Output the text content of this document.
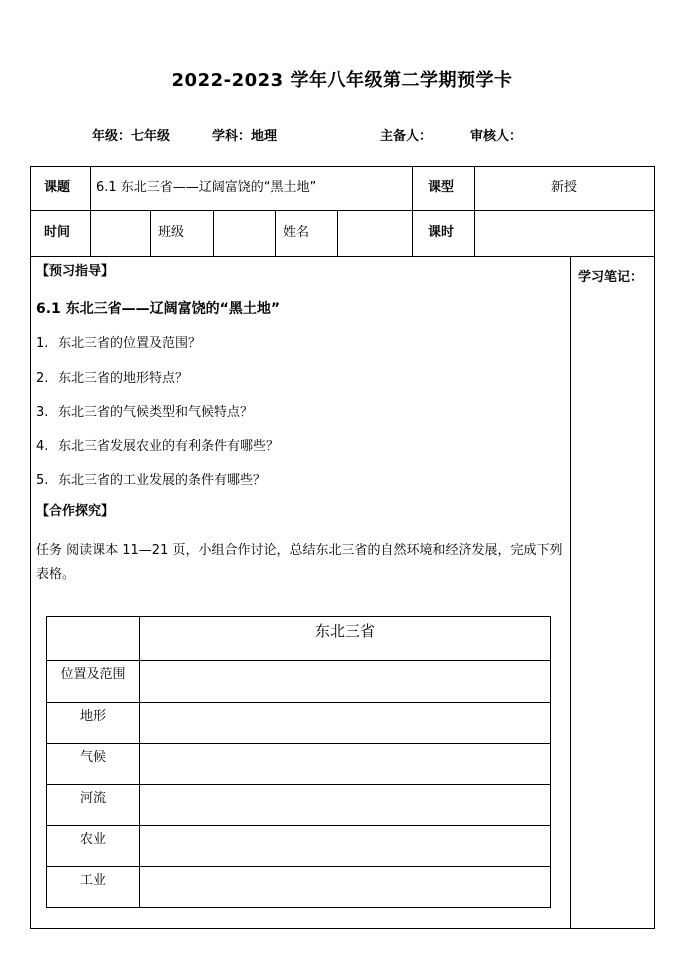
2022-2023 学年八年级第二学期预学卡
年级：七年级	学科：地理	主备人：	审核人：
课题 6.1 东北三省——辽阔富饶的“黑土地”	课型	新授
时间	班级	姓名	课时
学习笔记：
【预习指导】
6.1 东北三省——辽阔富饶的“黑土地”
1. 东北三省的位置及范围？
2. 东北三省的地形特点？
3. 东北三省的气候类型和气候特点？
4. 东北三省发展农业的有利条件有哪些？
5. 东北三省的工业发展的条件有哪些？
【合作探究】
任务 阅读课本 11—21 页，小组合作讨论，总结东北三省的自然环境和经济发展，完成下列表格。
东北三省
位置及范围
地形
气候
河流
农业
工业
